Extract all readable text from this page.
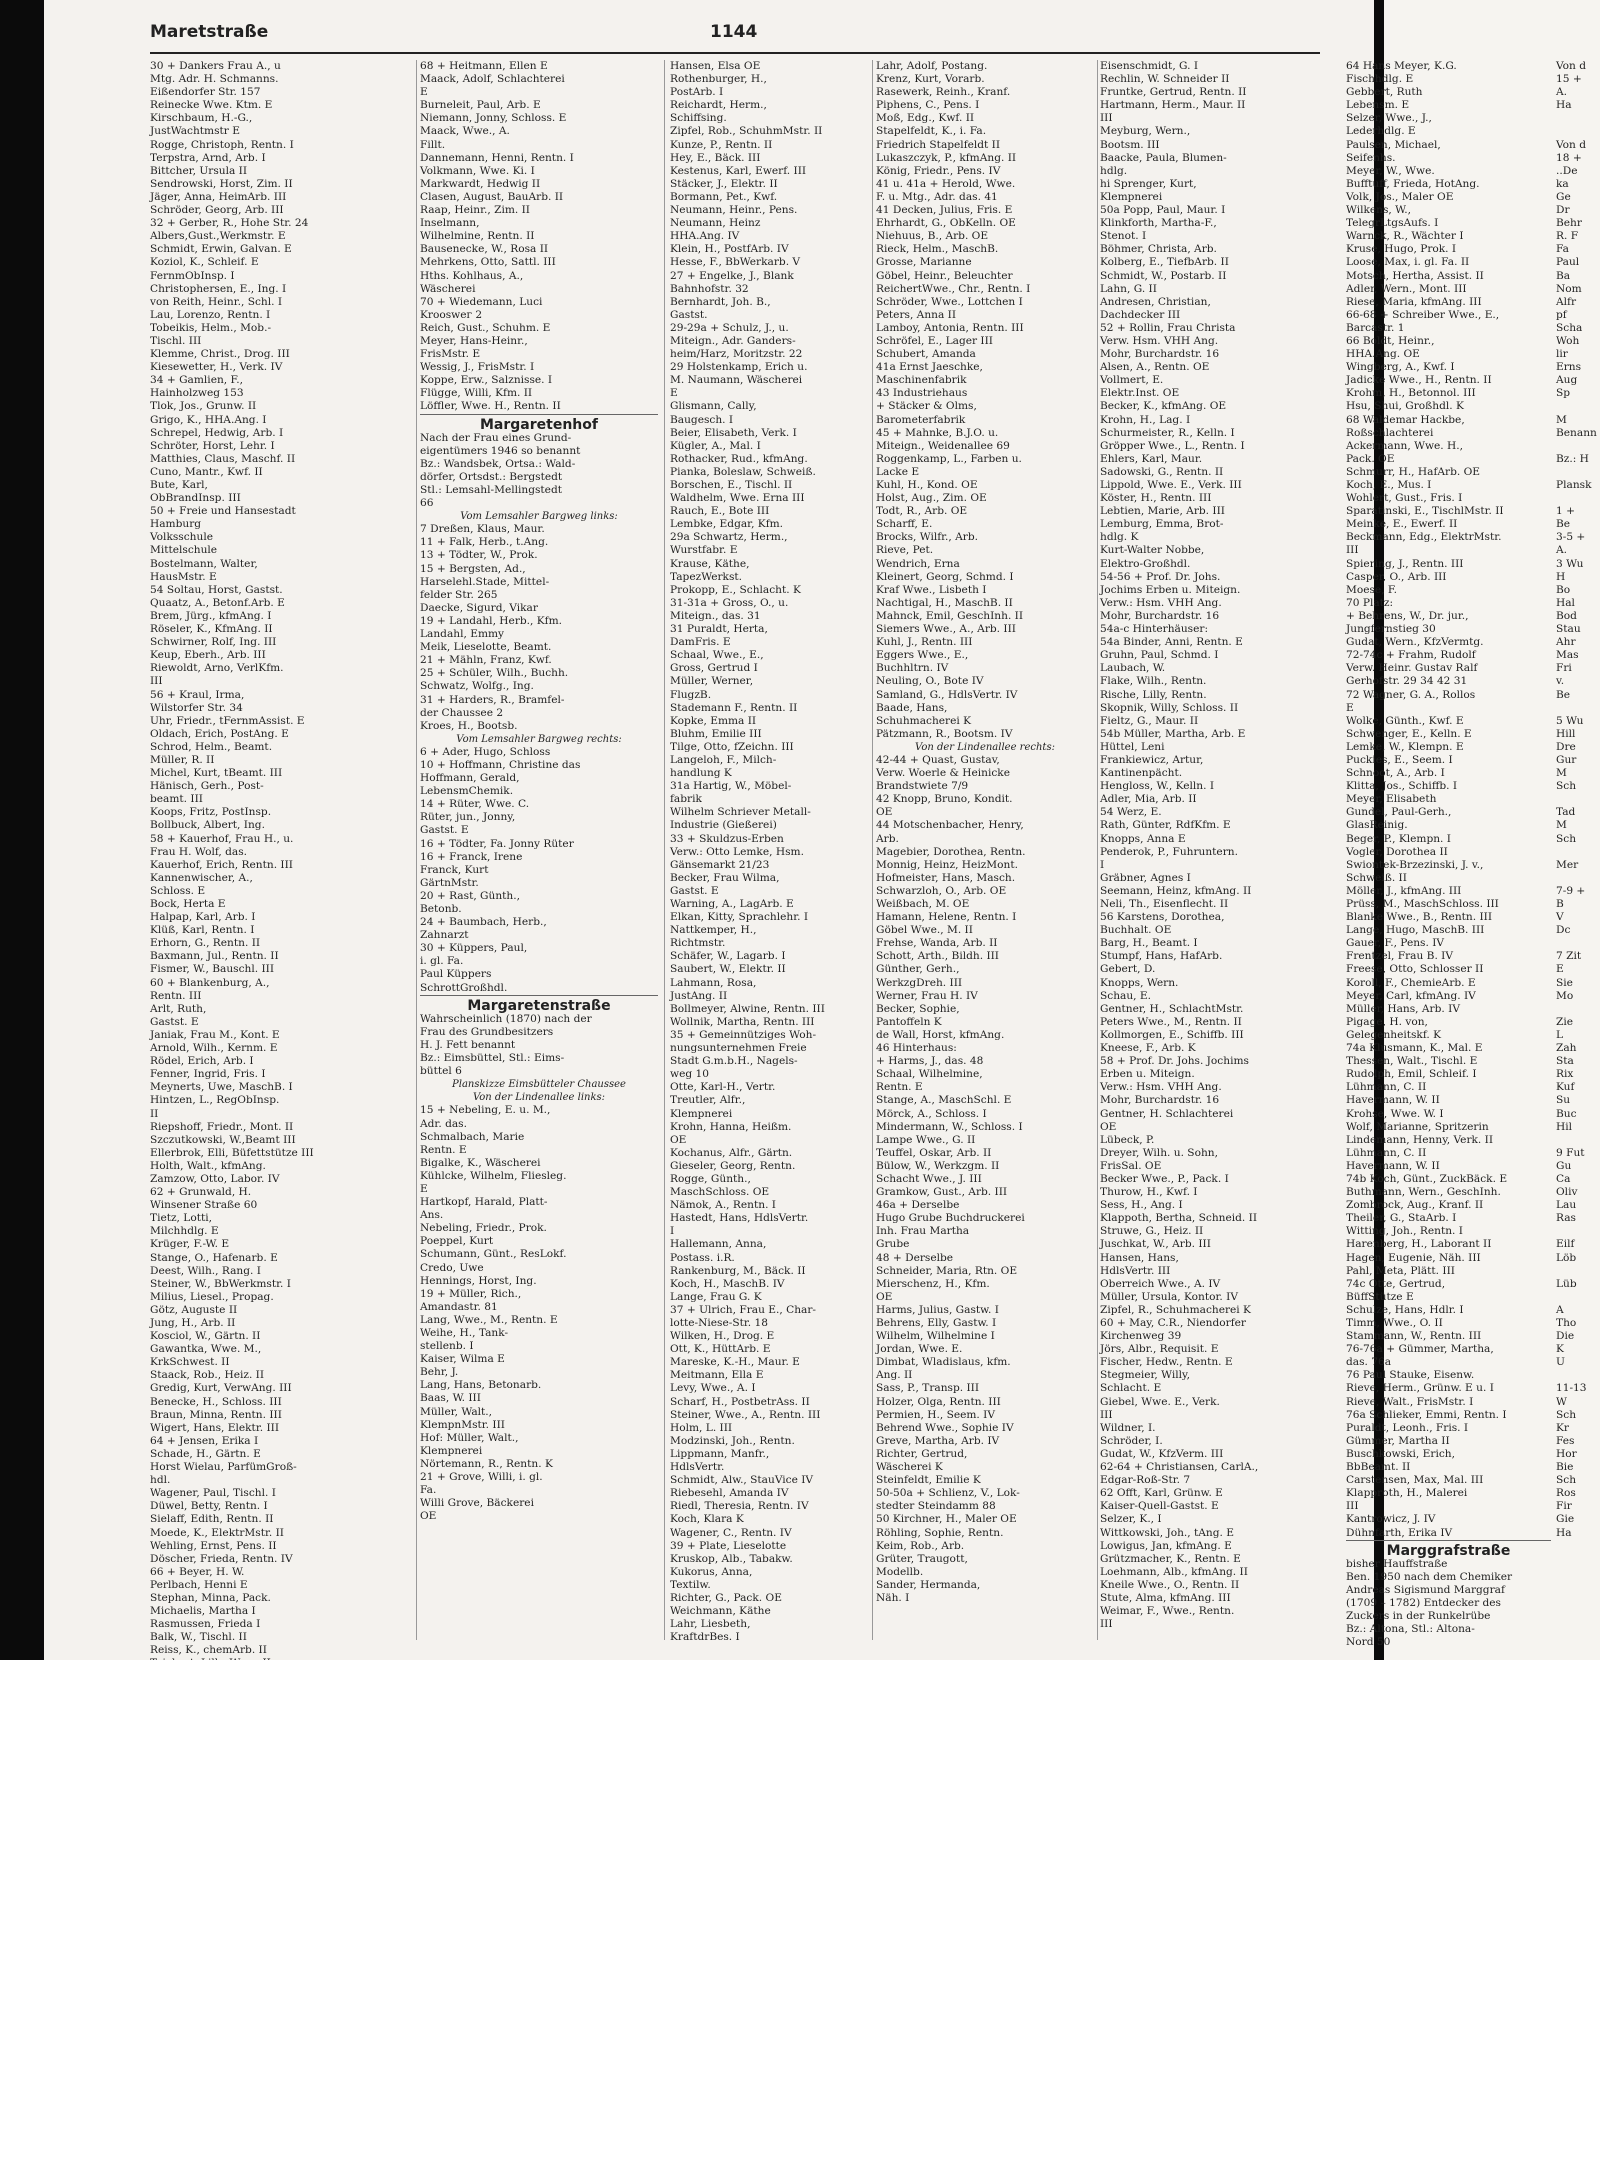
Maretstraße	1144

30 + Dankers Frau A., u

Mtg. Adr. H. Schmanns.

Eißendorfer Str. 157

Reinecke Wwe. Ktm. E

Kirschbaum, H.-G.,

JustWachtmstr E

Rogge, Christoph, Rentn. I

Terpstra, Arnd, Arb. I

Bittcher, Ursula II

Sendrowski, Horst, Zim. II

Jäger, Anna, HeimArb. III

Schröder, Georg, Arb. III

32 + Gerber, R., Hohe Str. 24

Albers,Gust.,Werkmstr. E

Schmidt, Erwin, Galvan. E

Koziol, K., Schleif. E

FernmObInsp. I

Christophersen, E., Ing. I

von Reith, Heinr., Schl. I

Lau, Lorenzo, Rentn. I

Tobeikis, Helm., Mob.-

Tischl. III

Klemme, Christ., Drog. III

Kiesewetter, H., Verk. IV

34 + Gamlien, F.,

Hainholzweg 153

Tlok, Jos., Grunw. II

Grigo, K., HHA.Ang. I

Schrepel, Hedwig, Arb. I

Schröter, Horst, Lehr. I

Matthies, Claus, Maschf. II

Cuno, Mantr., Kwf. II

Bute, Karl,

ObBrandInsp. III

50 + Freie und Hansestadt

Hamburg

Volksschule

Mittelschule

Bostelmann, Walter,

HausMstr. E

54 Soltau, Horst, Gastst.

Quaatz, A., Betonf.Arb. E

Brem, Jürg., kfmAng. I

Röseler, K., KfmAng. II

Schwirner, Rolf, Ing. III

Keup, Eberh., Arb. III

Riewoldt, Arno, VerlKfm.

III

56 + Kraul, Irma,

Wilstorfer Str. 34

Uhr, Friedr., tFernmAssist. E

Oldach, Erich, PostAng. E

Schrod, Helm., Beamt.

Müller, R. II

Michel, Kurt, tBeamt. III

Hänisch, Gerh., Post-

beamt. III

Koops, Fritz, PostInsp.

Bollbuck, Albert, Ing.

58 + Kauerhof, Frau H., u.

Frau H. Wolf, das.

Kauerhof, Erich, Rentn. III

Kannenwischer, A.,

Schloss. E

Bock, Herta E

Halpap, Karl, Arb. I

Klüß, Karl, Rentn. I

Erhorn, G., Rentn. II

Baxmann, Jul., Rentn. II

Fismer, W., Bauschl. III

60 + Blankenburg, A.,

Rentn. III

Arlt, Ruth,

Gastst. E

Janiak, Frau M., Kont. E

Arnold, Wilh., Kernm. E

Rödel, Erich, Arb. I

Fenner, Ingrid, Fris. I

Meynerts, Uwe, MaschB. I

Hintzen, L., RegObInsp.

II

Riepshoff, Friedr., Mont. II

Szczutkowski, W.,Beamt III

Ellerbrok, Elli, Büfettstütze III

Holth, Walt., kfmAng.

Zamzow, Otto, Labor. IV

62 + Grunwald, H.

Winsener Straße 60

Tietz, Lotti,

Milchhdlg. E

Krüger, F.-W. E

Stange, O., Hafenarb. E

Deest, Wilh., Rang. I

Steiner, W., BbWerkmstr. I

Milius, Liesel., Propag.

Götz, Auguste II

Jung, H., Arb. II

Kosciol, W., Gärtn. II

Gawantka, Wwe. M.,

KrkSchwest. II

Staack, Rob., Heiz. II

Gredig, Kurt, VerwAng. III

Benecke, H., Schloss. III

Braun, Minna, Rentn. III

Wigert, Hans, Elektr. III

64 + Jensen, Erika I

Schade, H., Gärtn. E

Horst Wielau, ParfümGroß-

hdl.

Wagener, Paul, Tischl. I

Düwel, Betty, Rentn. I

Sielaff, Edith, Rentn. II

Moede, K., ElektrMstr. II

Wehling, Ernst, Pens. II

Döscher, Frieda, Rentn. IV

66 + Beyer, H. W.

Perlbach, Henni E

Stephan, Minna, Pack.

Michaelis, Martha I

Rasmussen, Frieda I

Balk, W., Tischl. II

Reiss, K., chemArb. II

68 + Heitmann, Ellen E

Maack, Adolf, Schlachterei

E

Burneleit, Paul, Arb. E

Niemann, Jonny, Schloss. E

Maack, Wwe., A.

Fillt.

Dannemann, Henni, Rentn. I

Volkmann, Wwe. Ki. I

Markwardt, Hedwig II

Clasen, August, BauArb. II

Raap, Heinr., Zim. II

Inselmann,

Wilhelmine, Rentn. II

Bausenecke, W., Rosa II

Mehrkens, Otto, Sattl. III

Hths. Kohlhaus, A.,

Wäscherei

70 + Wiedemann, Luci

Krooswег 2

Reich, Gust., Schuhm. E

Meyer, Hans-Heinr.,

FrisMstr. E

Wessig, J., FrisMstr. I

Koppe, Erw., Salznisse. I

Flügge, Willi, Kfm. II

Löffler, Wwe. H., Rentn. II

Margaretenhof

Nach der Frau eines Grund-

eigentümers 1946 so benannt

Bz.: Wandsbek, Ortsa.: Wald-

dörfer, Ortsdst.: Bergstedt

Stl.: Lemsahl-Mellingstedt

66

Vom Lemsahler Bargweg links:

7 Dreßen, Klaus, Maur.

11 + Falk, Herb., t.Ang.

13 + Tödter, W., Prok.

15 + Bergsten, Ad.,

Harselehl.Stade, Mittel-

felder Str. 265

Daecke, Sigurd, Vikar

19 + Landahl, Herb., Kfm.

Landahl, Emmy

Meik, Lieselotte, Beamt.

21 + Mähln, Franz, Kwf.

25 + Schüler, Wilh., Buchh.

Schwatz, Wolfg., Ing.

31 + Harders, R., Bramfel-

der Chaussee 2

Kroes, H., Bootsb.

Vom Lemsahler Bargweg rechts:

6 + Ader, Hugo, Schloss

10 + Hoffmann, Christine das

Hoffmann, Gerald,

LebensmChemik.

14 + Rüter, Wwe. C.

Rüter, jun., Jonny,

Gastst. E

16 + Tödter, Fa. Jonny Rüter

16 + Franck, Irene

Franck, Kurt

GärtnMstr.

20 + Rast, Günth.,

Betonb.

24 + Baumbach, Herb.,

Zahnarzt

30 + Küppers, Paul,

i. gl. Fa.

Paul Küppers

SchrottGroßhdl.

Margaretenstraße

Wahrscheinlich (1870) nach der

Frau des Grundbesitzers

H. J. Fett benannt

Bz.: Eimsbüttel, Stl.: Eims-

büttel 6

Planskizze Eimsbütteler Chaussee

Von der Lindenallee links:

15 + Nebeling, E. u. M.,

Adr. das.

Schmalbach, Marie

Rentn. E

Bigalke, K., Wäscherei

Kühlcke, Wilhelm, Fliesleg.

E

Hartkopf, Harald, Platt-

Ans.

Nebeling, Friedr., Prok.

Poeppel, Kurt

Schumann, Günt., ResLokf.

Credo, Uwe

Hennings, Horst, Ing.

19 + Müller, Rich.,

Amandastr. 81

Lang, Wwe., M., Rentn. E

Weihe, H., Tank-

stellenb. I

Kaiser, Wilma E

Behr, J.

Lang, Hans, Betonarb.

Baas, W. III

Müller, Walt.,

KlempnMstr. III

Hof: Müller, Walt.,

Klempnerei

Nörtemann, R., Rentn. K

21 + Grove, Willi, i. gl.

Fa.

Willi Grove, Bäckerei

OE

Hansen, Elsa OE

Rothenburger, H.,

PostArb. I

Reichardt, Herm.,

Schiffsing.

Zipfel, Rob., SchuhmMstr. II

Kunze, P., Rentn. II

Hey, E., Bäck. III

Kestenus, Karl, Ewerf. III

Stäcker, J., Elektr. II

Bormann, Pet., Kwf.

Neumann, Heinr., Pens.

Neumann, Heinz

HHA.Ang. IV

Klein, H., PostfArb. IV

Hesse, F., BbWerkarb. V

27 + Engelke, J., Blank

Bahnhofstr. 32

Bernhardt, Joh. B.,

Gastst.

29-29a + Schulz, J., u.

Miteign., Adr. Ganders-

heim/Harz, Moritzstr. 22

29 Holstenkamp, Erich u.

M. Naumann, Wäscherei

E

Glismann, Cally,

Baugesch. I

Beier, Elisabeth, Verk. I

Kügler, A., Mal. I

Rothacker, Rud., kfmAng.

Pianka, Boleslaw, Schweiß.

Borschen, E., Tischl. II

Waldhelm, Wwe. Erna III

Rauch, E., Bote III

Lembke, Edgar, Kfm.

29a Schwartz, Herm.,

Wurstfabr. E

Krause, Käthe,

TapezWerkst.

Prokopp, E., Schlacht. K

31-31a + Gross, O., u.

Miteign., das. 31

31 Puraldt, Herta,

DamFris. E

Schaal, Wwe., E.,

Gross, Gertrud I

Müller, Werner,

FlugzB.

Stademann F., Rentn. II

Kopke, Emma II

Bluhm, Emilie III

Tilge, Otto, fZeichn. III

Langeloh, F., Milch-

handlung K

31a Hartig, W., Möbel-

fabrik

Wilhelm Schriever Metall-

Industrie (Gießerei)

33 + Skuldzus-Erben

Verw.: Otto Lemke, Hsm.

Gänsemarkt 21/23

Becker, Frau Wilma,

Gastst. E

Warning, A., LagArb. E

Elkan, Kitty, Sprachlehr. I

Nattkemper, H.,

Richtmstr.

Schäfer, W., Lagarb. I

Saubert, W., Elektr. II

Lahmann, Rosa,

JustAng. II

Bollmeyer, Alwine, Rentn. III

Wollnik, Martha, Rentn. III

35 + Gemeinnütziges Woh-

nungsunternehmen Freie

Stadt G.m.b.H., Nagels-

weg 10

Otte, Karl-H., Vertr.

Treutler, Alfr.,

Klempnerei

Krohn, Hanna, Heißm.

OE

Kochanus, Alfr., Gärtn.

Gieseler, Georg, Rentn.

Rogge, Günth.,

MaschSchloss. OE

Nämok, A., Rentn. I

Hastedt, Hans, HdlsVertr.

I

Hallemann, Anna,

Postass. i.R.

Rankenburg, M., Bäck. II

Koch, H., MaschB. IV

Lange, Frau G. K

37 + Ulrich, Frau E., Char-

lotte-Niese-Str. 18

Wilken, H., Drog. E

Ott, K., HüttArb. E

Mareske, K.-H., Maur. E

Meitmann, Ella E

Levy, Wwe., A. I

Scharf, H., PostbetrAss. II

Steiner, Wwe., A., Rentn. III

Holm, L. III

Modzinski, Joh., Rentn.

Lippmann, Manfr.,

HdlsVertr.

Schmidt, Alw., StauVice IV

Riebesehl, Amanda IV

Riedl, Theresia, Rentn. IV

Koch, Klara K

Wagener, C., Rentn. IV

39 + Plate, Lieselotte

Kruskop, Alb., Tabakw.

Kukorus, Anna,

Textilw.

Richter, G., Pack. OE

Weichmann, Käthe

Lahr, Liesbeth,

KraftdrBes. I

Lahr, Adolf, Postang.

Krenz, Kurt, Vorarb.

Rasewerk, Reinh., Kranf.

Piphens, C., Pens. I

Moß, Edg., Kwf. II

Stapelfeldt, K., i. Fa.

Friedrich Stapelfeldt II

Lukaszczyk, P., kfmAng. II

König, Friedr., Pens. IV

41 u. 41a + Herold, Wwe.

F. u. Mtg., Adr. das. 41

41 Decken, Julius, Fris. E

Ehrhardt, G., ObKelln. OE

Niehuus, B., Arb. OE

Rieck, Helm., MaschB.

Grosse, Marianne

Göbel, Heinr., Beleuchter

ReichertWwe., Chr., Rentn. I

Schröder, Wwe., Lottchen I

Peters, Anna II

Lamboy, Antonia, Rentn. III

Schröfel, E., Lager III

Schubert, Amanda

41a Ernst Jaeschke,

Maschinenfabrik

43 Industriehaus

+ Stäcker & Olms,

Barometerfabrik

45 + Mahnke, B.J.O. u.

Miteign., Weidenallee 69

Roggenkamp, L., Farben u.

Lacke E

Kuhl, H., Kond. OE

Holst, Aug., Zim. OE

Todt, R., Arb. OE

Scharff, E.

Brocks, Wilfr., Arb.

Rieve, Pet.

Wendrich, Erna

Kleinert, Georg, Schmd. I

Kraf Wwe., Lisbeth I

Nachtigal, H., MaschB. II

Mahnck, Emil, GeschInh. II

Siemers Wwe., A., Arb. III

Kuhl, J., Rentn. III

Eggers Wwe., E.,

Buchhltrn. IV

Neuling, O., Bote IV

Samland, G., HdlsVertr. IV

Baade, Hans,

Schuhmacherei K

Pätzmann, R., Bootsm. IV

Von der Lindenallee rechts:

42-44 + Quast, Gustav,

Verw. Woerle & Heinicke

Brandstwiete 7/9

42 Knopp, Bruno, Kondit.

OE

44 Motschenbacher, Henry,

Arb.

Magebier, Dorothea, Rentn.

Monnig, Heinz, HeizMont.

Hofmeister, Hans, Masch.

Schwarzloh, O., Arb. OE

Weißbach, M. OE

Hamann, Helene, Rentn. I

Göbel Wwe., M. II

Frehse, Wanda, Arb. II

Schott, Arth., Bildh. III

Günther, Gerh.,

WerkzgDreh. III

Werner, Frau H. IV

Becker, Sophie,

Pantoffeln K

de Wall, Horst, kfmAng.

46 Hinterhaus:

+ Harms, J., das. 48

Schaal, Wilhelmine,

Rentn. E

Stange, A., MaschSchl. E

Mörck, A., Schloss. I

Mindermann, W., Schloss. I

Lampe Wwe., G. II

Teuffel, Oskar, Arb. II

Bülow, W., Werkzgm. II

Schacht Wwe., J. III

Gramkow, Gust., Arb. III

46a + Derselbe

Hugo Grube Buchdruckerei

Inh. Frau Martha

Grube

48 + Derselbe

Schneider, Maria, Rtn. OE

Mierschenz, H., Kfm.

OE

Harms, Julius, Gastw. I

Behrens, Elly, Gastw. I

Wilhelm, Wilhelmine I

Jordan, Wwe. E.

Dimbat, Wladislaus, kfm.

Ang. II

Sass, P., Transp. III

Holzer, Olga, Rentn. III

Permien, H., Seem. IV

Behrend Wwe., Sophie IV

Greve, Martha, Arb. IV

Richter, Gertrud,

Wäscherei K

Steinfeldt, Emilie K

50-50a + Schlienz, V., Lok-

stedter Steindamm 88

50 Kirchner, H., Maler OE

Röhling, Sophie, Rentn.

Keim, Rob., Arb.

Grüter, Traugott,

Modellb.

Sander, Hermanda,

Näh. I

Eisenschmidt, G. I

Rechlin, W. Schneider II

Fruntke, Gertrud, Rentn. II

Hartmann, Herm., Maur. II

III

Meyburg, Wern.,

Bootsm. III

Baacke, Paula, Blumen-

hdlg.

hi Sprenger, Kurt,

Klempnerei

50a Popp, Paul, Maur. I

Klinkforth, Martha-F.,

Stenot. I

Böhmer, Christa, Arb.

Kolberg, E., TiefbArb. II

Schmidt, W., Postarb. II

Lahn, G. II

Andresen, Christian,

Dachdecker III

52 + Rollin, Frau Christa

Verw. Hsm. VHH Ang.

Mohr, Burchardstr. 16

Alsen, A., Rentn. OE

Vollmert, E.

Elektr.Inst. OE

Becker, K., kfmAng. OE

Krohn, H., Lag. I

Schurmeister, R., Kelln. I

Gröpper Wwe., L., Rentn. I

Ehlers, Karl, Maur.

Sadowski, G., Rentn. II

Lippold, Wwe. E., Verk. III

Köster, H., Rentn. III

Lebtien, Marie, Arb. III

Lemburg, Emma, Brot-

hdlg. K

Kurt-Walter Nobbe,

Elektro-Großhdl.

54-56 + Prof. Dr. Johs.

Jochims Erben u. Miteign.

Verw.: Hsm. VHH Ang.

Mohr, Burchardstr. 16

54a-c Hinterhäuser:

54a Binder, Anni, Rentn. E

Gruhn, Paul, Schmd. I

Laubach, W.

Flake, Wilh., Rentn.

Rische, Lilly, Rentn.

Skopnik, Willy, Schloss. II

Fieltz, G., Maur. II

54b Müller, Martha, Arb. E

Hüttel, Leni

Frankiewicz, Artur,

Kantinenpächt.

Hengloss, W., Kelln. I

Adler, Mia, Arb. II

54 Werz, E.

Rath, Günter, RdfKfm. E

Knopps, Anna E

Penderok, P., Fuhruntern.

I

Gräbner, Agnes I

Seemann, Heinz, kfmAng. II

Neli, Th., Eisenflecht. II

56 Karstens, Dorothea,

Buchhalt. OE

Barg, H., Beamt. I

Stumpf, Hans, HafArb.

Gebert, D.

Knopps, Wern.

Schau, E.

Gentner, H., SchlachtMstr.

Peters Wwe., M., Rentn. II

Kollmorgen, E., Schiffb. III

Kneese, F., Arb. K

58 + Prof. Dr. Johs. Jochims

Erben u. Miteign.

Verw.: Hsm. VHH Ang.

Mohr, Burchardstr. 16

Gentner, H. Schlachterei

OE

Lübeck, P.

Dreyer, Wilh. u. Sohn,

FrisSal. OE

Becker Wwe., P., Pack. I

Thurow, H., Kwf. I

Sess, H., Ang. I

Klappoth, Bertha, Schneid. II

Struwe, G., Heiz. II

Juschkat, W., Arb. III

Hansen, Hans,

HdlsVertr. III

Oberreich Wwe., A. IV

Müller, Ursula, Kontor. IV

Zipfel, R., Schuhmacherei K

60 + May, C.R., Niendorfer

Kirchenweg 39

Jörs, Albr., Requisit. E

Fischer, Hedw., Rentn. E

Stegmeier, Willy,

Schlacht. E

Giebel, Wwe. E., Verk.

III

Wildner, I.

Schröder, I.

Gudat, W., KfzVerm. III

62-64 + Christiansen, CarlA.,

Edgar-Roß-Str. 7

62 Offt, Karl, Grünw. E

Kaiser-Quell-Gastst. E

Selzer, K., I

Wittkowski, Joh., tAng. E

Lowigus, Jan, kfmAng. E

Grützmacher, K., Rentn. E

Loehmann, Alb., kfmAng. II

Kneile Wwe., O., Rentn. II

Stute, Alma, kfmAng. III

Weimar, F., Wwe., Rentn.

III

64 Hans Meyer, K.G.

Fischhdlg. E

Gebbert, Ruth

Lebensm. E

Selzer, Wwe., J.,

Lederhdlg. E

Paulsen, Michael,

Seifenhs.

Meyer, W., Wwe.

Bufftuff, Frieda, HotAng.

Volk, Jos., Maler OE

Wilkens, W.,

TelegrLtgsAufs. I

Warnck, R., Wächter I

Kruse, Hugo, Prok. I

Loose, Max, i. gl. Fa. II

Motsch, Hertha, Assist. II

Adler, Wern., Mont. III

Riese, Maria, kfmAng. III

66-68 + Schreiber Wwe., E.,

Barcastr. 1

66 Boldt, Heinr.,

HHA.Ang. OE

Wingberg, A., Kwf. I

Jadicke Wwe., H., Rentn. II

Krohm, H., Betonnol. III

Hsu, Shui, Großhdl. K

68 Waldemar Hackbe,

Roßschlachterei

Ackermann, Wwe. H.,

Pack. OE

Schmurr, H., HafArb. OE

Koch, E., Mus. I

Wohlert, Gust., Fris. I

Sparatinski, E., TischlMstr. II

Meinke, E., Ewerf. II

Beckmann, Edg., ElektrMstr.

III

Spiering, J., Rentn. III

Casper, O., Arb. III

Moese, F.

70 Platz:

+ Behrens, W., Dr. jur.,

Jungfernstieg 30

Gudat, Wern., KfzVermtg.

72-74c + Frahm, Rudolf

Verw. Heinr. Gustav Ralf

Gerhofstr. 29 34 42 31

72 Wagner, G. A., Rollos

E

Wolke, Günth., Kwf. E

Schwenger, E., Kelln. E

Lemke, W., Klempn. E

Puckies, E., Seem. I

Schnoot, A., Arb. I

Klitta, Jos., Schiffb. I

Meyer, Elisabeth

Gundel, Paul-Gerh.,

GlasReinig.

Beger, P., Klempn. I

Vogler, Dorothea II

Swiontek-Brzezinski, J. v.,

Schweiß. II

Möller, J., kfmAng. III

Prüss, M., MaschSchloss. III

Blanke Wwe., B., Rentn. III

Lange, Hugo, MaschB. III

Gauer, F., Pens. IV

Frentzel, Frau B. IV

Freese, Otto, Schlosser II

Koroll, F., ChemieArb. E

Meyer, Carl, kfmAng. IV

Müller, Hans, Arb. IV

Pigage, H. von,

Gelegenheitskf. K

74a Klusmann, K., Mal. E

Thessen, Walt., Tischl. E

Rudolph, Emil, Schleif. I

Lühmann, C. II

Havermann, W. II

Krohse, Wwe. W. I

Wolf, Marianne, Spritzerin

Lindemann, Henny, Verk. II

Lühmann, C. II

Havermann, W. II

74b Koch, Günt., ZuckBäck. E

Buthmann, Wern., GeschInh.

Zombrock, Aug., Kranf. II

Theiler, G., StaArb. I

Witting, Joh., Rentn. I

Harenberg, H., Laborant II

Hagen, Eugenie, Näh. III

Pahl, Meta, Plätt. III

74c Otte, Gertrud,

BüffStütze E

Schulze, Hans, Hdlr. I

Timm, Wwe., O. II

Stammann, W., Rentn. III

76-76a + Gümmer, Martha,

das. 76a

76 Paul Stauke, Eisenw.

Rieve, Herm., Grünw. E u. I

Rieve, Walt., FrisMstr. I

76a Schlieker, Emmi, Rentn. I

Puraldt, Leonh., Fris. I

Gümmer, Martha II

Buschkowski, Erich,

BbBeamt. II

Carstensen, Max, Mal. III

Klapproth, H., Malerei

III

Kantrowicz, J. IV

Dühnfarth, Erika IV

Marggrafstraße

bisher Hauffstraße

Ben. 1950 nach dem Chemiker

Andreas Sigismund Marggraf

(1709 – 1782) Entdecker des

Zuckers in der Runkelrübe

Bz.: Altona, Stl.: Altona-

Nord 50

Von d

15 +

A.

Ha

Von d

18 +

..De

ka

Ge

Dr

Behr

R. F

Fa

Paul

Ba

Nom

Alfr

pf

Scha

Woh

lir

Erns

Aug

Sp

M

Benann

Bz.: H

Plansk

1 +

Be

3-5 +

A.

3 Wu

H

Bo

Hal

Bod

Stau

Ahr

Mas

Fri

v.

Be

5 Wu

Hill

Dre

Gur

M

Sch

Tad

M

Sch

Mer

7-9 +

B

V

Dc

7 Zit

E

Sie

Mo

Zie

L

Zah

Sta

Rix

Kuf

Su

Buc

Hil

9 Fut

Gu

Ca

Oliv

Lau

Ras

Eilf

Löb

Lüb

A

Tho

Die

K

U

11-13

W

Sch

Kr

Fes

Hor

Bie

Sch

Ros

Fir

Gie

Ha
